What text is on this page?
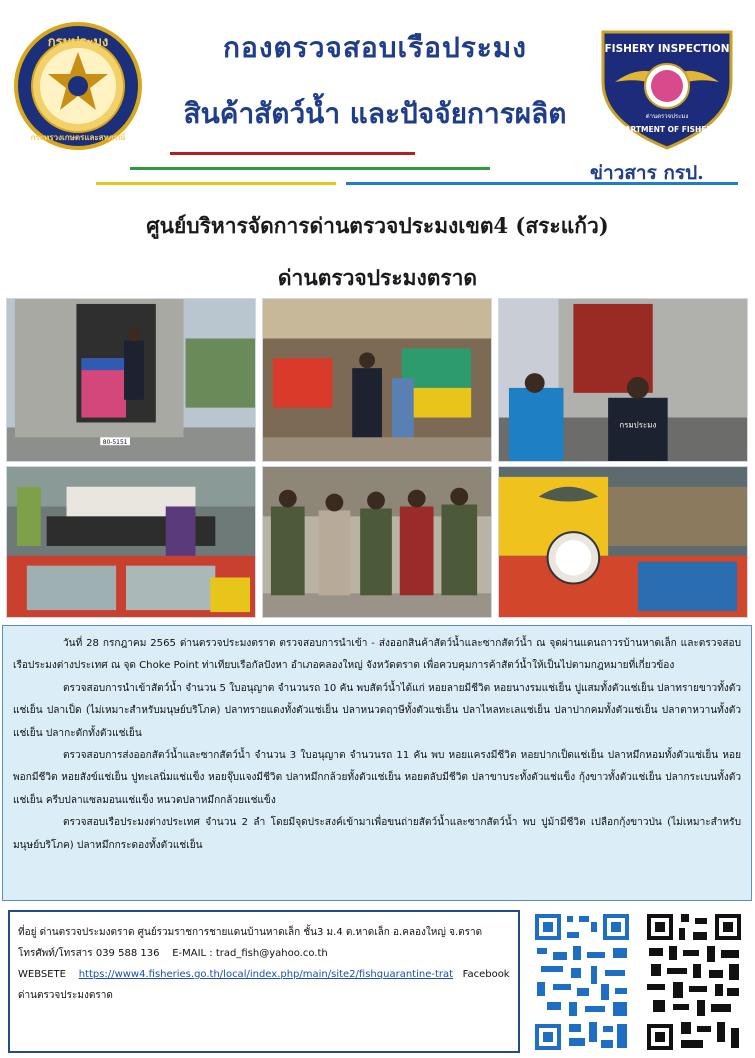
กรมประมง
กระทรวงเกษตรและสหกรณ์
กองตรวจสอบเรือประมง
สินค้าสัตว์น้ำ และปัจจัยการผลิต
FISHERY INSPECTION
ด่านตรวจประมง
DEPARTMENT OF FISHERIES
ข่าวสาร กรป.
ศูนย์บริหารจัดการด่านตรวจประมงเขต4 (สระแก้ว)
ด่านตรวจประมงตราด
80-5151
กรมประมง

วันที่ 28 กรกฎาคม 2565 ด่านตรวจประมงตราด ตรวจสอบการนำเข้า - ส่งออกสินค้าสัตว์น้ำและซากสัตว์น้ำ ณ จุดผ่านแดนถาวรบ้านหาดเล็ก และตรวจสอบเรือประมงต่างประเทศ ณ จุด Choke Point ท่าเทียบเรือกัลปังหา อำเภอคลองใหญ่ จังหวัดตราด เพื่อควบคุมการค้าสัตว์น้ำให้เป็นไปตามกฎหมายที่เกี่ยวข้อง

ตรวจสอบการนำเข้าสัตว์น้ำ จำนวน 5 ใบอนุญาต จำนวนรถ 10 คัน พบสัตว์น้ำได้แก่ หอยลายมีชีวิต หอยนางรมแช่เย็น ปูแสมทั้งตัวแช่เย็น ปลาทรายขาวทั้งตัวแช่เย็น ปลาเป็ด (ไม่เหมาะสำหรับมนุษย์บริโภค) ปลาทรายแดงทั้งตัวแช่เย็น ปลาหนวดฤาษีทั้งตัวแช่เย็น ปลาไหลทะเลแช่เย็น ปลาปากคมทั้งตัวแช่เย็น ปลาตาหวานทั้งตัวแช่เย็น ปลากะตักทั้งตัวแช่เย็น

ตรวจสอบการส่งออกสัตว์น้ำและซากสัตว์น้ำ จำนวน 3 ใบอนุญาต จำนวนรถ 11 คัน พบ หอยแครงมีชีวิต หอยปากเป็ดแช่เย็น ปลาหมึกหอมทั้งตัวแช่เย็น หอยพอกมีชีวิต หอยสังข์แช่เย็น ปูทะเลนิ่มแช่แข็ง หอยจุ๊บแจงมีชีวิต ปลาหมึกกล้วยทั้งตัวแช่เย็น หอยตลับมีชีวิต ปลาขาบระทั้งตัวแช่แข็ง กุ้งขาวทั้งตัวแช่เย็น ปลากระเบนทั้งตัวแช่เย็น ครีบปลาแซลมอนแช่แข็ง หนวดปลาหมึกกล้วยแช่แข็ง

ตรวจสอบเรือประมงต่างประเทศ จำนวน 2 ลำ โดยมีจุดประสงค์เข้ามาเพื่อขนถ่ายสัตว์น้ำและซากสัตว์น้ำ พบ ปูม้ามีชีวิต เปลือกกุ้งขาวป่น (ไม่เหมาะสำหรับมนุษย์บริโภค) ปลาหมึกกระดองทั้งตัวแช่เย็น

ที่อยู่ ด่านตรวจประมงตราด ศูนย์รวมราชการชายแดนบ้านหาดเล็ก ชั้น3 ม.4 ต.หาดเล็ก อ.คลองใหญ่ จ.ตราด
โทรศัพท์/โทรสาร 039 588 136 E-MAIL : trad_fish@yahoo.co.th
WEBSETE https://www4.fisheries.go.th/local/index.php/main/site2/fishquarantine-trat Facebook
ด่านตรวจประมงตราด
